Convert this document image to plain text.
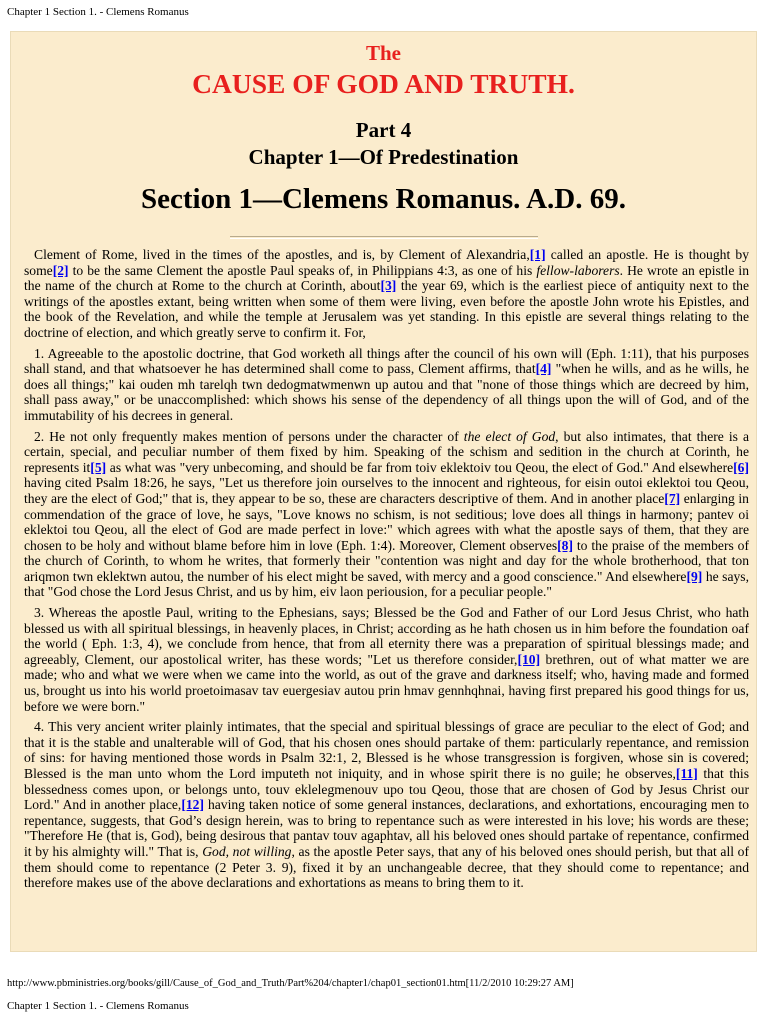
Chapter 1 Section 1. - Clemens Romanus
The
CAUSE OF GOD AND TRUTH.
Part 4
Chapter 1—Of Predestination
Section 1—Clemens Romanus. A.D. 69.

Clement of Rome, lived in the times of the apostles, and is, by Clement of Alexandria,[1] called an apostle. He is thought by some[2] to be the same Clement the apostle Paul speaks of, in Philippians 4:3, as one of his fellow-laborers. He wrote an epistle in the name of the church at Rome to the church at Corinth, about[3] the year 69, which is the earliest piece of antiquity next to the writings of the apostles extant, being written when some of them were living, even before the apostle John wrote his Epistles, and the book of the Revelation, and while the temple at Jerusalem was yet standing. In this epistle are several things relating to the doctrine of election, and which greatly serve to confirm it. For,

1. Agreeable to the apostolic doctrine, that God worketh all things after the council of his own will (Eph. 1:11), that his purposes shall stand, and that whatsoever he has determined shall come to pass, Clement affirms, that[4] "when he wills, and as he wills, he does all things;" kai ouden mh tarelqh twn dedogmatwmenwn up autou and that "none of those things which are decreed by him, shall pass away," or be unaccomplished: which shows his sense of the dependency of all things upon the will of God, and of the immutability of his decrees in general.

2. He not only frequently makes mention of persons under the character of the elect of God, but also intimates, that there is a certain, special, and peculiar number of them fixed by him. Speaking of the schism and sedition in the church at Corinth, he represents it[5] as what was "very unbecoming, and should be far from toiv eklektoiv tou Qeou, the elect of God." And elsewhere[6] having cited Psalm 18:26, he says, "Let us therefore join ourselves to the innocent and righteous, for eisin outoi eklektoi tou Qeou, they are the elect of God;" that is, they appear to be so, these are characters descriptive of them. And in another place[7] enlarging in commendation of the grace of love, he says, "Love knows no schism, is not seditious; love does all things in harmony; pantev oi eklektoi tou Qeou, all the elect of God are made perfect in love:" which agrees with what the apostle says of them, that they are chosen to be holy and without blame before him in love (Eph. 1:4). Moreover, Clement observes[8] to the praise of the members of the church of Corinth, to whom he writes, that formerly their "contention was night and day for the whole brotherhood, that ton ariqmon twn eklektwn autou, the number of his elect might be saved, with mercy and a good conscience." And elsewhere[9] he says, that "God chose the Lord Jesus Christ, and us by him, eiv laon periousion, for a peculiar people."

3. Whereas the apostle Paul, writing to the Ephesians, says; Blessed be the God and Father of our Lord Jesus Christ, who hath blessed us with all spiritual blessings, in heavenly places, in Christ; according as he hath chosen us in him before the foundation oaf the world ( Eph. 1:3, 4), we conclude from hence, that from all eternity there was a preparation of spiritual blessings made; and agreeably, Clement, our apostolical writer, has these words; "Let us therefore consider,[10] brethren, out of what matter we are made; who and what we were when we came into the world, as out of the grave and darkness itself; who, having made and formed us, brought us into his world proetoimasav tav euergesiav autou prin hmav gennhqhnai, having first prepared his good things for us, before we were born."

4. This very ancient writer plainly intimates, that the special and spiritual blessings of grace are peculiar to the elect of God; and that it is the stable and unalterable will of God, that his chosen ones should partake of them: particularly repentance, and remission of sins: for having mentioned those words in Psalm 32:1, 2, Blessed is he whose transgression is forgiven, whose sin is covered; Blessed is the man unto whom the Lord imputeth not iniquity, and in whose spirit there is no guile; he observes,[11] that this blessedness comes upon, or belongs unto, touv eklelegmenouv upo tou Qeou, those that are chosen of God by Jesus Christ our Lord." And in another place,[12] having taken notice of some general instances, declarations, and exhortations, encouraging men to repentance, suggests, that God’s design herein, was to bring to repentance such as were interested in his love; his words are these; "Therefore He (that is, God), being desirous that pantav touv agaphtav, all his beloved ones should partake of repentance, confirmed it by his almighty will." That is, God, not willing, as the apostle Peter says, that any of his beloved ones should perish, but that all of them should come to repentance (2 Peter 3. 9), fixed it by an unchangeable decree, that they should come to repentance; and therefore makes use of the above declarations and exhortations as means to bring them to it.

http://www.pbministries.org/books/gill/Cause_of_God_and_Truth/Part%204/chapter1/chap01_section01.htm[11/2/2010 10:29:27 AM]
Chapter 1 Section 1. - Clemens Romanus
